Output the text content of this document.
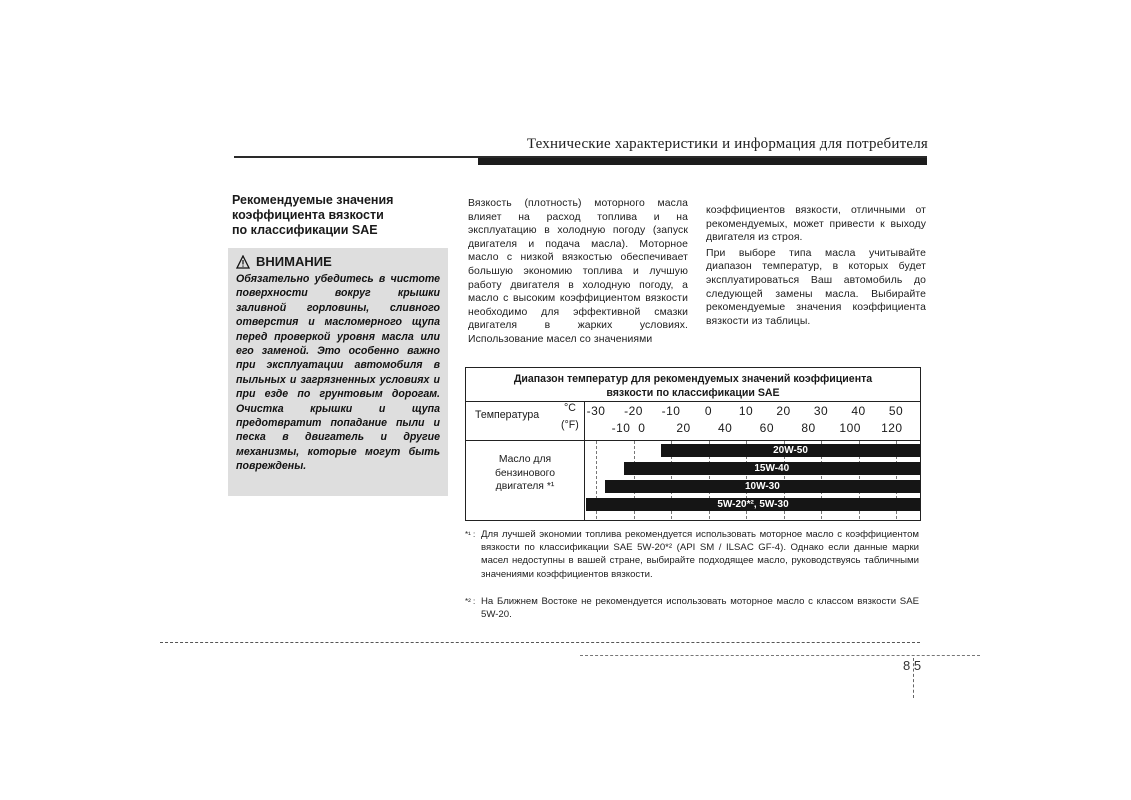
Технические характеристики и информация для потребителя
Рекомендуемые значения
коэффициента вязкости
по классификации SAE
ВНИМАНИЕ
Обязательно убедитесь в чистоте поверхности вокруг крышки заливной горловины, сливного отверстия и масломерного щупа перед проверкой уровня масла или его заменой. Это особенно важно при эксплуатации автомобиля в пыльных и загрязненных условиях и при езде по грунтовым дорогам. Очистка крышки и щупа предотвратит попадание пыли и песка в двигатель и другие механизмы, которые могут быть повреждены.
Вязкость (плотность) моторного масла влияет на расход топлива и на эксплуатацию в холодную погоду (запуск двигателя и подача масла). Моторное масло с низкой вязкостью обеспечивает большую экономию топлива и лучшую работу двигателя в холодную погоду, а масло с высоким коэффициентом вязкости необходимо для эффективной смазки двигателя в жарких условиях. Использование масел со значениями

коэффициентов вязкости, отличными от рекомендуемых, может привести к выходу двигателя из строя.

При выборе типа масла учитывайте диапазон температур, в которых будет эксплуатироваться Ваш автомобиль до следующей замены масла. Выбирайте рекомендуемые значения коэффициента вязкости из таблицы.

Диапазон температур для рекомендуемых значений коэффициента
вязкости по классификации SAE
Температура
°C
(°F)
Масло для
бензинового
двигателя *¹
-30 -20 -10 0 10 20 30 40 50
-10 0	20 40 60 80 100 120
20W-50
15W-40
10W-30
5W-20*², 5W-30
*¹ : Для лучшей экономии топлива рекомендуется использовать моторное масло с коэффициентом вязкости по классификации SAE 5W-20*² (API SM / ILSAC GF-4). Однако если данные марки масел недоступны в вашей стране, выбирайте подходящее масло, руководствуясь табличными значениями коэффициентов вязкости.
*² : На Ближнем Востоке не рекомендуется использовать моторное масло с классом вязкости SAE 5W-20.
8 5
